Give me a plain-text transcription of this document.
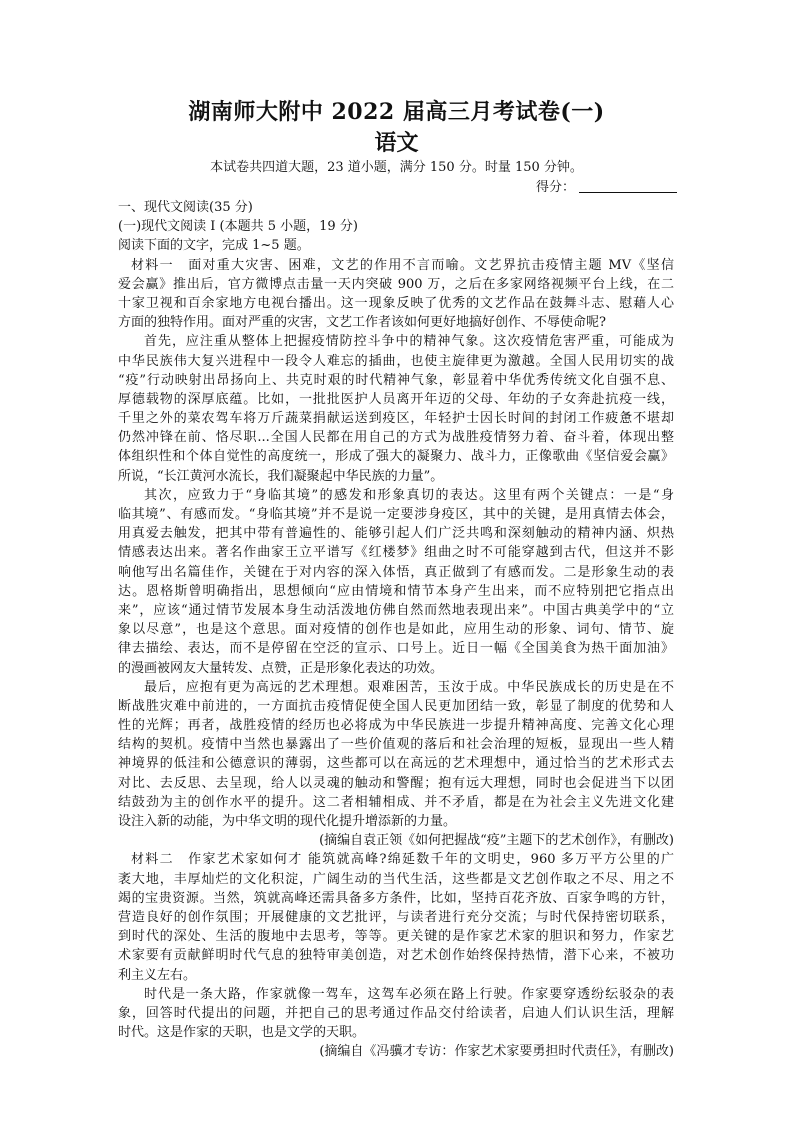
湖南师大附中 2022 届高三月考试卷(一)
语文
本试卷共四道大题，23 道小题，满分 150 分。时量 150 分钟。
得分：
一、现代文阅读(35 分)
(一)现代文阅读 I (本题共 5 小题，19 分)
阅读下面的文字，完成 1~5 题。
材料一　面对重大灾害、困难，文艺的作用不言而喻。文艺界抗击疫情主题 MV《坚信
爱会赢》推出后，官方微博点击量一天内突破 900 万，之后在多家网络视频平台上线，在二
十家卫视和百余家地方电视台播出。这一现象反映了优秀的文艺作品在鼓舞斗志、慰藉人心
方面的独特作用。面对严重的灾害，文艺工作者该如何更好地搞好创作、不辱使命呢?
首先，应注重从整体上把握疫情防控斗争中的精神气象。这次疫情危害严重，可能成为
中华民族伟大复兴进程中一段令人难忘的插曲，也使主旋律更为激越。全国人民用切实的战
“疫”行动映射出昂扬向上、共克时艰的时代精神气象，彰显着中华优秀传统文化自强不息、
厚德载物的深厚底蕴。比如，一批批医护人员离开年迈的父母、年幼的子女奔赴抗疫一线，
千里之外的菜农驾车将万斤蔬菜捐献运送到疫区，年轻护士因长时间的封闭工作疲惫不堪却
仍然冲锋在前、恪尽职...全国人民都在用自己的方式为战胜疫情努力着、奋斗着，体现出整
体组织性和个体自觉性的高度统一，形成了强大的凝聚力、战斗力，正像歌曲《坚信爱会赢》
所说，“长江黄河水流长，我们凝聚起中华民族的力量”。
其次，应致力于“身临其境”的感发和形象真切的表达。这里有两个关键点：一是“身
临其境”、有感而发。“身临其境”并不是说一定要涉身疫区，其中的关键，是用真情去体会，
用真爱去触发，把其中带有普遍性的、能够引起人们广泛共鸣和深刻触动的精神内涵、炽热
情感表达出来。著名作曲家王立平谱写《红楼梦》组曲之时不可能穿越到古代，但这并不影
响他写出名篇佳作，关键在于对内容的深入体悟，真正做到了有感而发。二是形象生动的表
达。恩格斯曾明确指出，思想倾向“应由情境和情节本身产生出来，而不应特别把它指点出
来”，应该“通过情节发展本身生动活泼地仿佛自然而然地表现出来”。中国古典美学中的“立
象以尽意”，也是这个意思。面对疫情的创作也是如此，应用生动的形象、词句、情节、旋
律去描绘、表达，而不是停留在空泛的宣示、口号上。近日一幅《全国美食为热干面加油》
的漫画被网友大量转发、点赞，正是形象化表达的功效。
最后，应抱有更为高远的艺术理想。艰难困苦，玉汝于成。中华民族成长的历史是在不
断战胜灾难中前进的，一方面抗击疫情促使全国人民更加团结一致，彰显了制度的优势和人
性的光辉；再者，战胜疫情的经历也必将成为中华民族进一步提升精神高度、完善文化心理
结构的契机。疫情中当然也暴露出了一些价值观的落后和社会治理的短板，显现出一些人精
神境界的低洼和公德意识的薄弱，这些都可以在高远的艺术理想中，通过恰当的艺术形式去
对比、去反思、去呈现，给人以灵魂的触动和警醒；抱有远大理想，同时也会促进当下以团
结鼓劲为主的创作水平的提升。这二者相辅相成、并不矛盾，都是在为社会主义先进文化建
设注入新的动能，为中华文明的现代化提升增添新的力量。
(摘编自袁正领《如何把握战“疫”主题下的艺术创作》，有删改)
材料二　作家艺术家如何才 能筑就高峰?绵延数千年的文明史，960 多万平方公里的广
袤大地，丰厚灿烂的文化积淀，广阔生动的当代生活，这些都是文艺创作取之不尽、用之不
竭的宝贵资源。当然，筑就高峰还需具备多方条件，比如，坚持百花齐放、百家争鸣的方针，
营造良好的创作氛围；开展健康的文艺批评，与读者进行充分交流；与时代保持密切联系，
到时代的深处、生活的腹地中去思考，等等。更关键的是作家艺术家的胆识和努力，作家艺
术家要有贡献鲜明时代气息的独特审美创造，对艺术创作始终保持热情，潜下心来，不被功
利主义左右。
时代是一条大路，作家就像一驾车，这驾车必须在路上行驶。作家要穿透纷纭驳杂的表
象，回答时代提出的问题，并把自己的思考通过作品交付给读者，启迪人们认识生活，理解
时代。这是作家的天职，也是文学的天职。
(摘编自《冯骥才专访：作家艺术家要勇担时代责任》，有删改)
